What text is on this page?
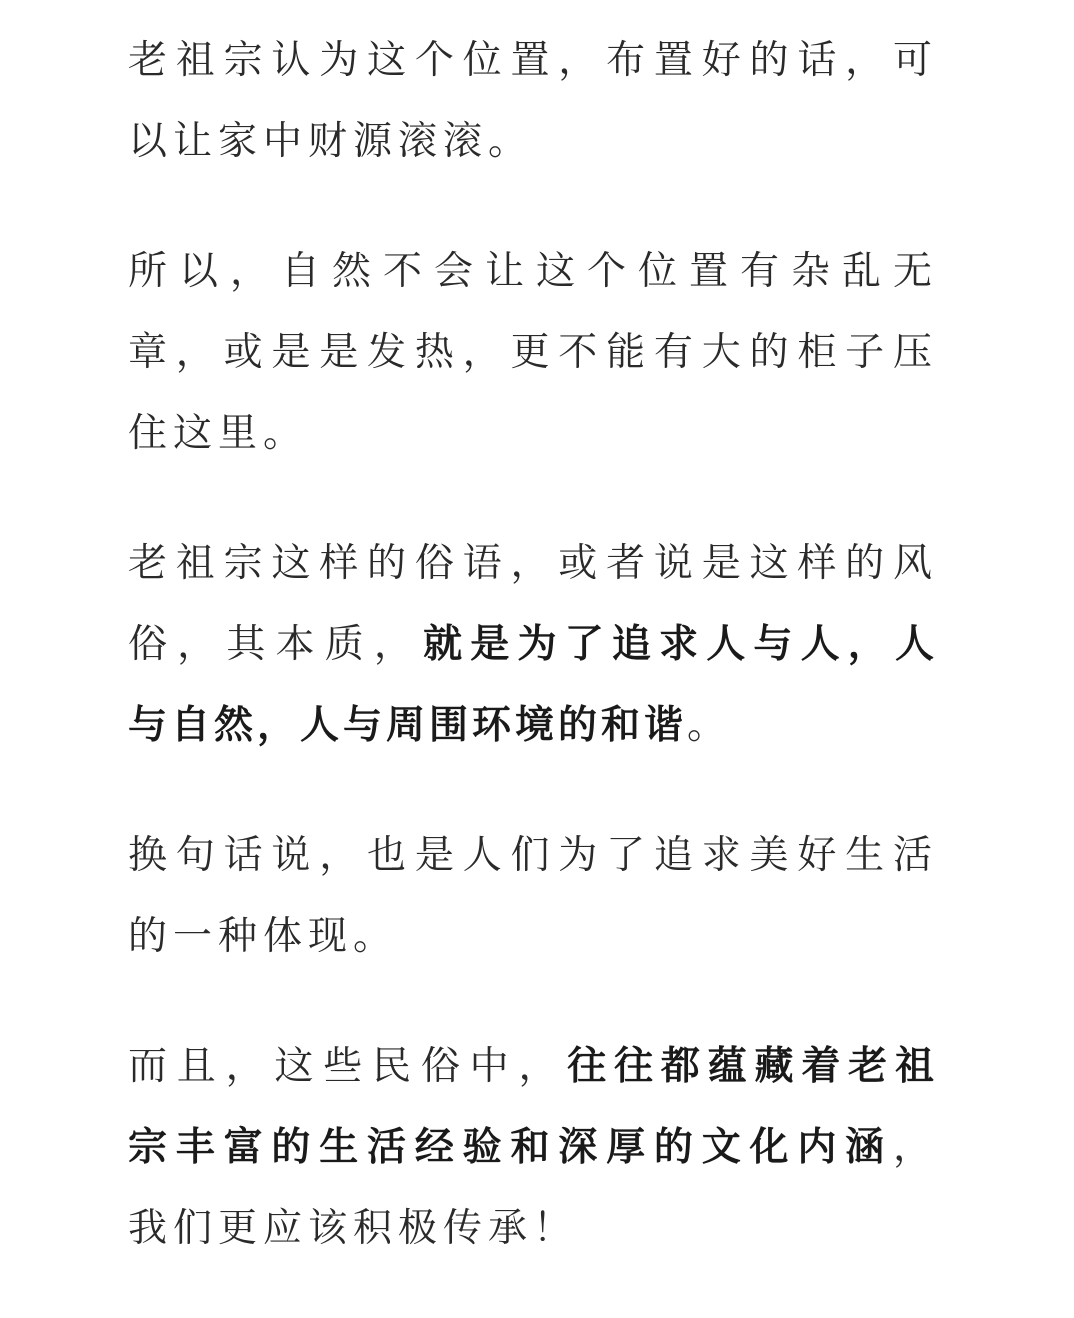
老祖宗认为这个位置，布置好的话，可
以让家中财源滚滚。
所以，自然不会让这个位置有杂乱无
章，或是是发热，更不能有大的柜子压
住这里。
老祖宗这样的俗语，或者说是这样的风
俗，其本质，就是为了追求人与人，人
与自然，人与周围环境的和谐。
换句话说，也是人们为了追求美好生活
的一种体现。
而且，这些民俗中，往往都蕴藏着老祖
宗丰富的生活经验和深厚的文化内涵，
我们更应该积极传承！
